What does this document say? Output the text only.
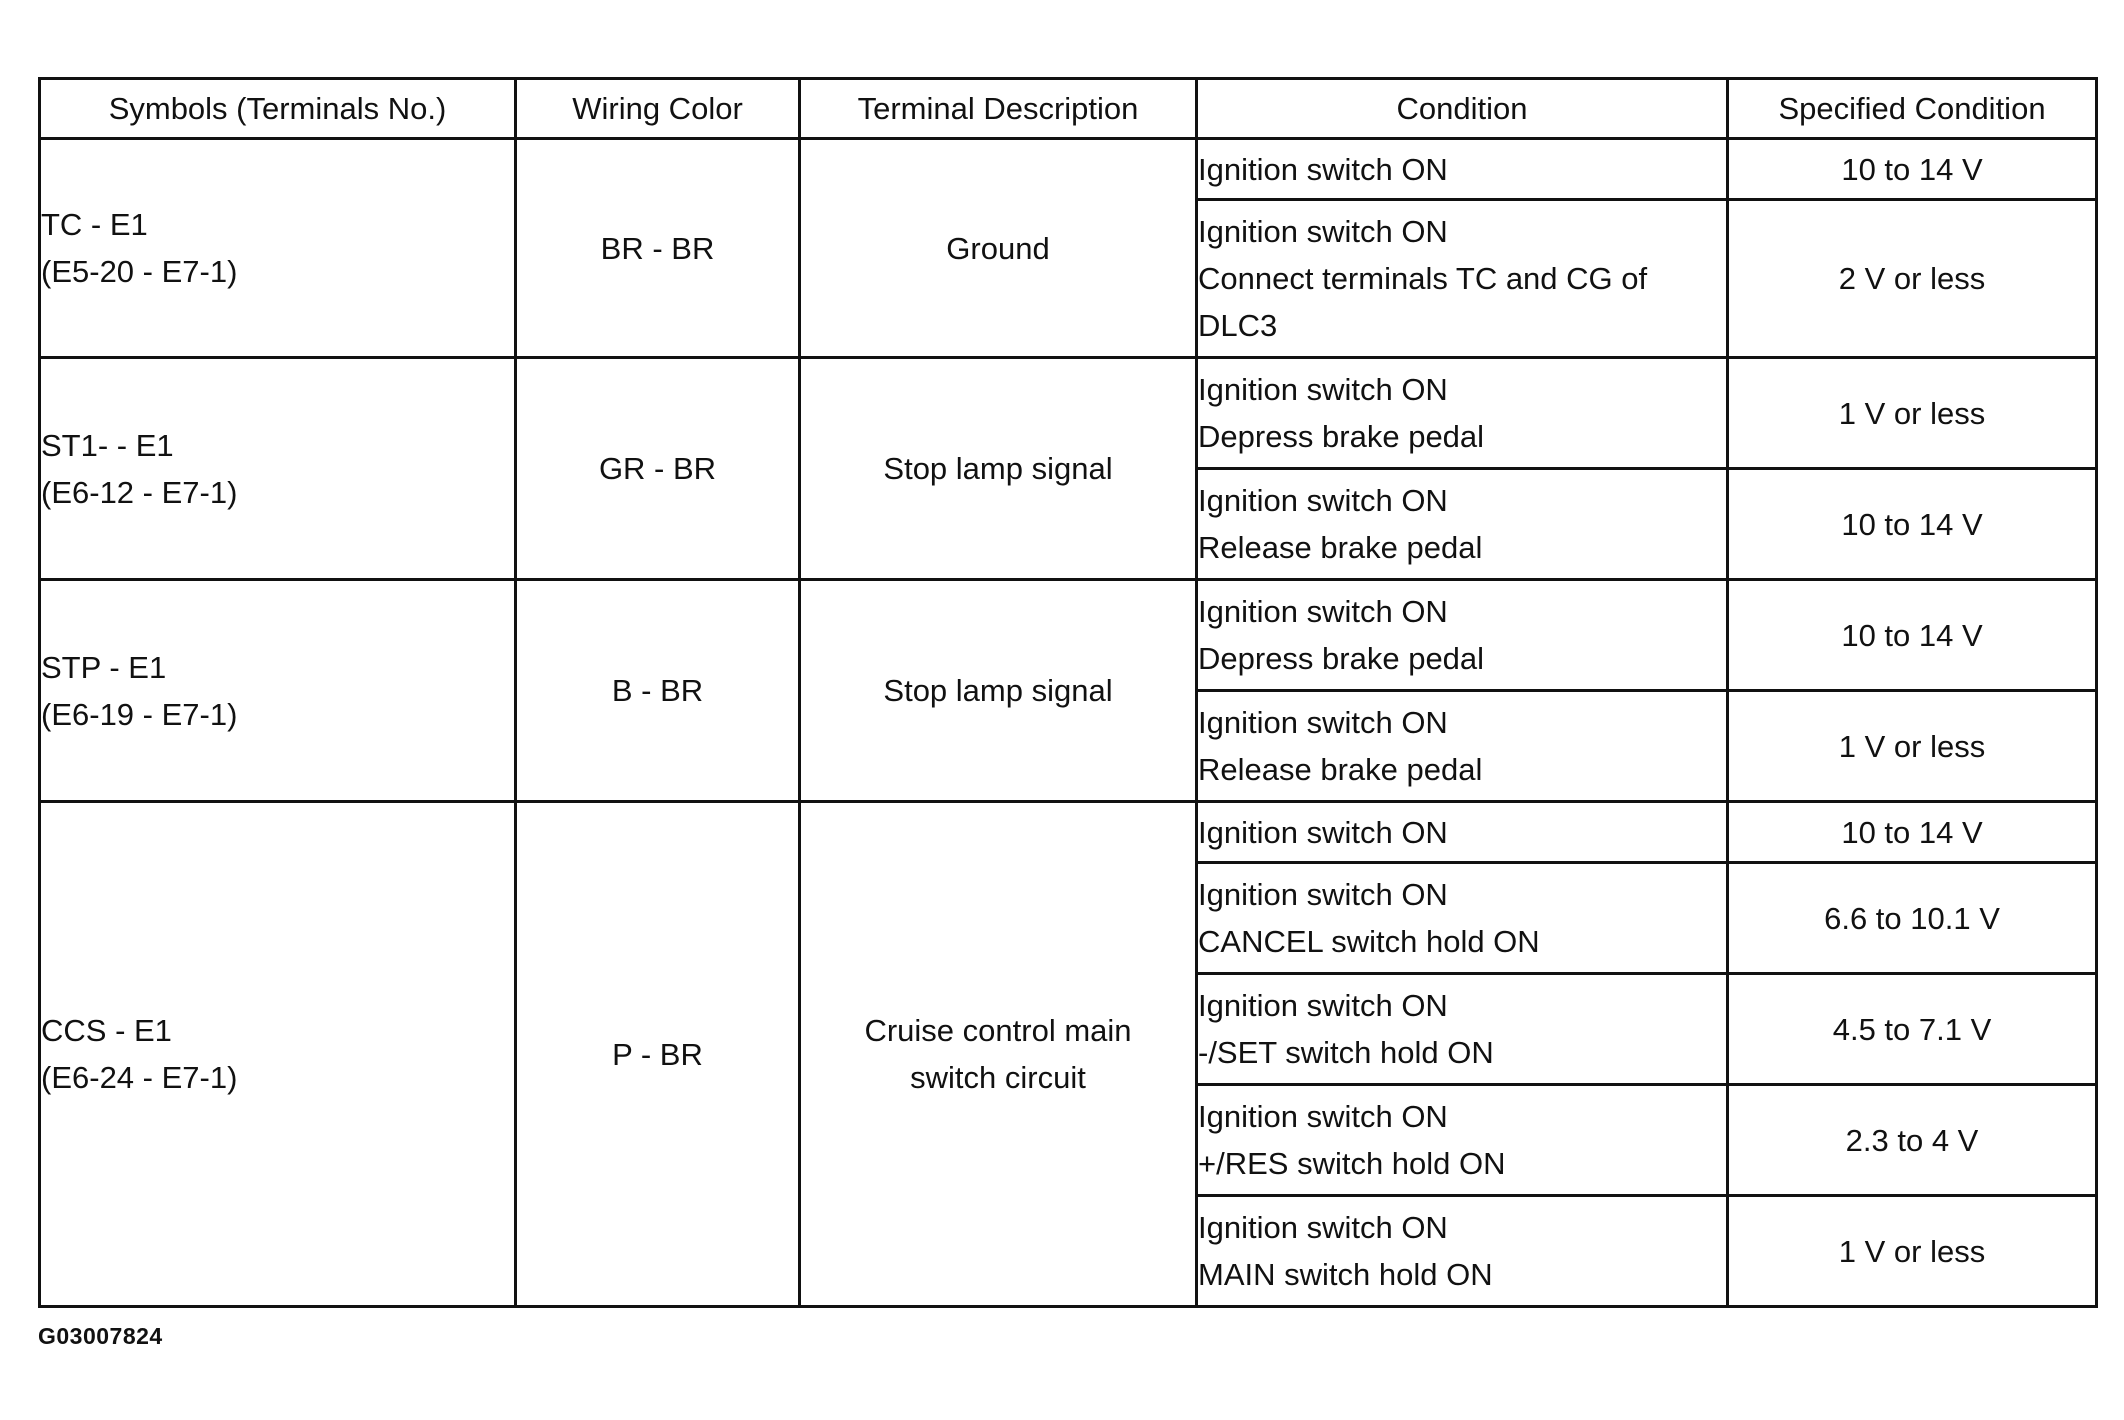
Symbols (Terminals No.)	Wiring Color	Terminal Description	Condition	Specified Condition

TC - E1
(E5-20 - E7-1)	BR - BR	Ground	Ignition switch ON	10 to 14 V

			Ignition switch ON
Connect terminals TC and CG of
DLC3	2 V or less

ST1- - E1
(E6-12 - E7-1)	GR - BR	Stop lamp signal	Ignition switch ON
Depress brake pedal	1 V or less

			Ignition switch ON
Release brake pedal	10 to 14 V

STP - E1
(E6-19 - E7-1)	B - BR	Stop lamp signal	Ignition switch ON
Depress brake pedal	10 to 14 V

			Ignition switch ON
Release brake pedal	1 V or less

CCS - E1
(E6-24 - E7-1)	P - BR	Cruise control main
switch circuit	Ignition switch ON	10 to 14 V

			Ignition switch ON
CANCEL switch hold ON	6.6 to 10.1 V

			Ignition switch ON
-/SET switch hold ON	4.5 to 7.1 V

			Ignition switch ON
+/RES switch hold ON	2.3 to 4 V

			Ignition switch ON
MAIN switch hold ON	1 V or less
G03007824
